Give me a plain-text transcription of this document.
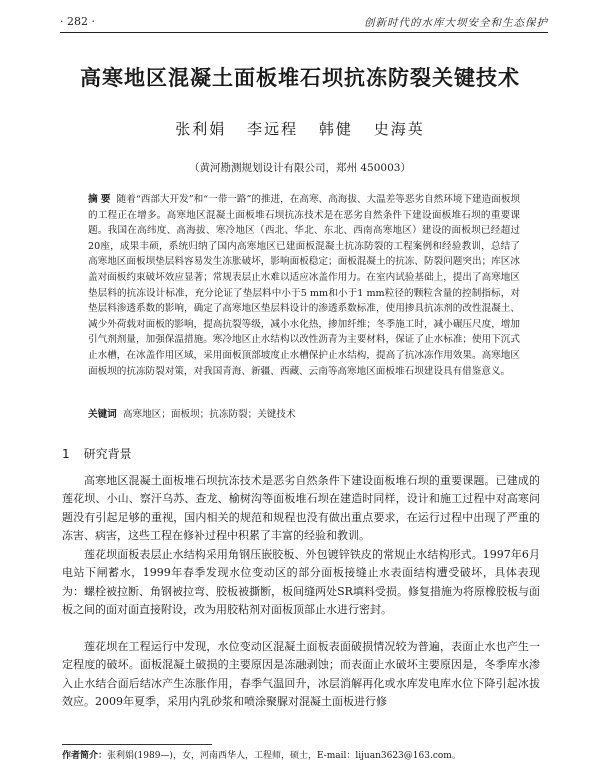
· 282 ·	创新时代的水库大坝安全和生态保护
高寒地区混凝土面板堆石坝抗冻防裂关键技术
张利娟 李远程 韩健 史海英
（黄河勘测规划设计有限公司，郑州 450003）
摘 要 随着“西部大开发”和“一带一路”的推进，在高寒、高海拔、大温差等恶劣自然环境下建造面板坝的工程正在增多。高寒地区混凝土面板堆石坝抗冻技术是在恶劣自然条件下建设面板堆石坝的重要课题。我国在高纬度、高海拔、寒冷地区（西北、华北、东北、西南高寒地区）建设的面板坝已经超过20座，成果丰硕，系统归纳了国内高寒地区已建面板混凝土抗冻防裂的工程案例和经验教训，总结了高寒地区面板坝垫层料容易发生冻胀破坏，影响面板稳定；面板混凝土的抗冻、防裂问题突出；库区冰盖对面板约束破坏效应显著；常规表层止水难以适应冰盖作用力。在室内试验基础上，提出了高寒地区垫层料的抗冻设计标准，充分论证了垫层料中小于5 mm和小于1 mm粒径的颗粒含量的控制指标，对垫层料渗透系数的影响，确定了高寒地区垫层料设计的渗透系数标准，使用掺具抗冻剂的改性混凝土、减少外荷载对面板的影响，提高抗裂等级，减小水化热，掺加纤维；冬季施工时，减小碾压尺度，增加引气剂剂量，加强保温措施。寒冷地区止水结构以改性沥青为主要材料，保证了止水标准；使用下沉式止水槽，在冰盖作用区域，采用面板顶部坡度止水槽保护止水结构，提高了抗冰冻作用效果。高寒地区面板坝的抗冻防裂对策，对我国青海、新疆、西藏、云南等高寒地区面板堆石坝建设具有借鉴意义。
关键词 高寒地区；面板坝；抗冻防裂；关键技术
1 研究背景

高寒地区混凝土面板堆石坝抗冻技术是恶劣自然条件下建设面板堆石坝的重要课题。已建成的莲花坝、小山、察汗乌苏、查龙、榆树沟等面板堆石坝在建造时同样，设计和施工过程中对高寒问题没有引起足够的重视，国内相关的规范和规程也没有做出重点要求，在运行过程中出现了严重的冻害、病害，这些工程在修补过程中积累了丰富的经验和教训。

莲花坝面板表层止水结构采用角钢压嵌胶板、外包镀锌铁皮的常规止水结构形式。1997年6月电站下闸蓄水，1999年春季发现水位变动区的部分面板接缝止水表面结构遭受破坏，具体表现为：螺栓被拉断、角钢被拉弯、胶板被撕断，板间缝两处SR填料受损。修复措施为将原橡胶板与面板之间的面对面直接附设，改为用胶粘剂对面板顶部止水进行密封。

莲花坝在工程运行中发现，水位变动区混凝土面板表面破损情况较为普遍，表面止水也产生一定程度的破坏。面板混凝土破损的主要原因是冻融剥蚀；而表面止水破坏主要原因是，冬季库水渗入止水结合面后结冰产生冻胀作用，春季气温回升，冰层消解再化或水库发电库水位下降引起冰拔效应。2009年夏季，采用内乳砂浆和喷涂聚脲对混凝土面板进行修

作者简介：张利娟(1989—)，女，河南西华人，工程师，硕士，E-mail：lijuan3623@163.com。
